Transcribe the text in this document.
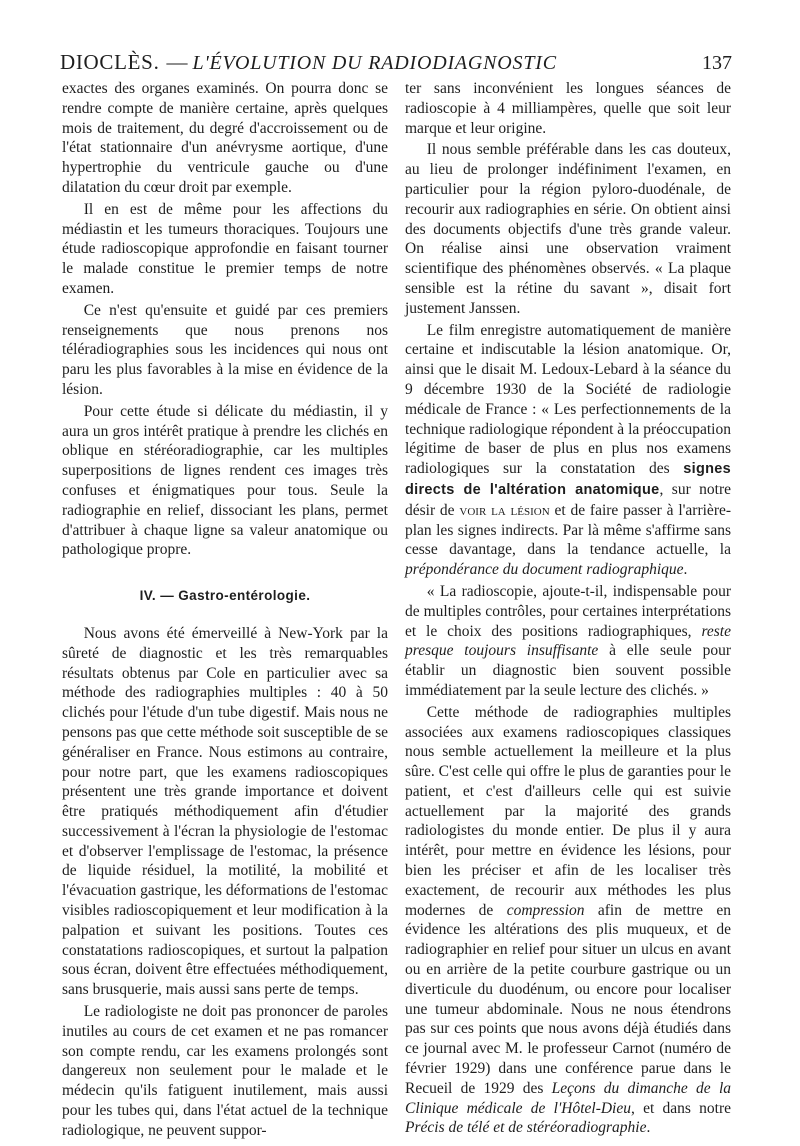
DIOCLÈS. — L'ÉVOLUTION DU RADIODIAGNOSTIC	137

exactes des organes examinés. On pourra donc se rendre compte de manière certaine, après quelques mois de traitement, du degré d'accroissement ou de l'état stationnaire d'un anévrysme aortique, d'une hypertrophie du ventricule gauche ou d'une dilatation du cœur droit par exemple.

Il en est de même pour les affections du médiastin et les tumeurs thoraciques. Toujours une étude radioscopique approfondie en faisant tourner le malade constitue le premier temps de notre examen.

Ce n'est qu'ensuite et guidé par ces premiers renseignements que nous prenons nos téléradiographies sous les incidences qui nous ont paru les plus favorables à la mise en évidence de la lésion.

Pour cette étude si délicate du médiastin, il y aura un gros intérêt pratique à prendre les clichés en oblique en stéréoradiographie, car les multiples superpositions de lignes rendent ces images très confuses et énigmatiques pour tous. Seule la radiographie en relief, dissociant les plans, permet d'attribuer à chaque ligne sa valeur anatomique ou pathologique propre.

IV. — Gastro-entérologie.

Nous avons été émerveillé à New-York par la sûreté de diagnostic et les très remarquables résultats obtenus par Cole en particulier avec sa méthode des radiographies multiples : 40 à 50 clichés pour l'étude d'un tube digestif. Mais nous ne pensons pas que cette méthode soit susceptible de se généraliser en France. Nous estimons au contraire, pour notre part, que les examens radioscopiques présentent une très grande importance et doivent être pratiqués méthodiquement afin d'étudier successivement à l'écran la physiologie de l'estomac et d'observer l'emplissage de l'estomac, la présence de liquide résiduel, la motilité, la mobilité et l'évacuation gastrique, les déformations de l'estomac visibles radioscopiquement et leur modification à la palpation et suivant les positions. Toutes ces constatations radioscopiques, et surtout la palpation sous écran, doivent être effectuées méthodiquement, sans brusquerie, mais aussi sans perte de temps.

Le radiologiste ne doit pas prononcer de paroles inutiles au cours de cet examen et ne pas romancer son compte rendu, car les examens prolongés sont dangereux non seulement pour le malade et le médecin qu'ils fatiguent inutilement, mais aussi pour les tubes qui, dans l'état actuel de la technique radiologique, ne peuvent suppor-

ter sans inconvénient les longues séances de radioscopie à 4 milliampères, quelle que soit leur marque et leur origine.

Il nous semble préférable dans les cas douteux, au lieu de prolonger indéfiniment l'examen, en particulier pour la région pyloro-duodénale, de recourir aux radiographies en série. On obtient ainsi des documents objectifs d'une très grande valeur. On réalise ainsi une observation vraiment scientifique des phénomènes observés. « La plaque sensible est la rétine du savant », disait fort justement Janssen.

Le film enregistre automatiquement de manière certaine et indiscutable la lésion anatomique. Or, ainsi que le disait M. Ledoux-Lebard à la séance du 9 décembre 1930 de la Société de radiologie médicale de France : « Les perfectionnements de la technique radiologique répondent à la préoccupation légitime de baser de plus en plus nos examens radiologiques sur la constatation des signes directs de l'altération anatomique, sur notre désir de voir la lésion et de faire passer à l'arrière-plan les signes indirects. Par là même s'affirme sans cesse davantage, dans la tendance actuelle, la prépondérance du document radiographique.

« La radioscopie, ajoute-t-il, indispensable pour de multiples contrôles, pour certaines interprétations et le choix des positions radiographiques, reste presque toujours insuffisante à elle seule pour établir un diagnostic bien souvent possible immédiatement par la seule lecture des clichés. »

Cette méthode de radiographies multiples associées aux examens radioscopiques classiques nous semble actuellement la meilleure et la plus sûre. C'est celle qui offre le plus de garanties pour le patient, et c'est d'ailleurs celle qui est suivie actuellement par la majorité des grands radiologistes du monde entier. De plus il y aura intérêt, pour mettre en évidence les lésions, pour bien les préciser et afin de les localiser très exactement, de recourir aux méthodes les plus modernes de compression afin de mettre en évidence les altérations des plis muqueux, et de radiographier en relief pour situer un ulcus en avant ou en arrière de la petite courbure gastrique ou un diverticule du duodénum, ou encore pour localiser une tumeur abdominale. Nous ne nous étendrons pas sur ces points que nous avons déjà étudiés dans ce journal avec M. le professeur Carnot (numéro de février 1929) dans une conférence parue dans le Recueil de 1929 des Leçons du dimanche de la Clinique médicale de l'Hôtel-Dieu, et dans notre Précis de télé et de stéréoradiographie.
